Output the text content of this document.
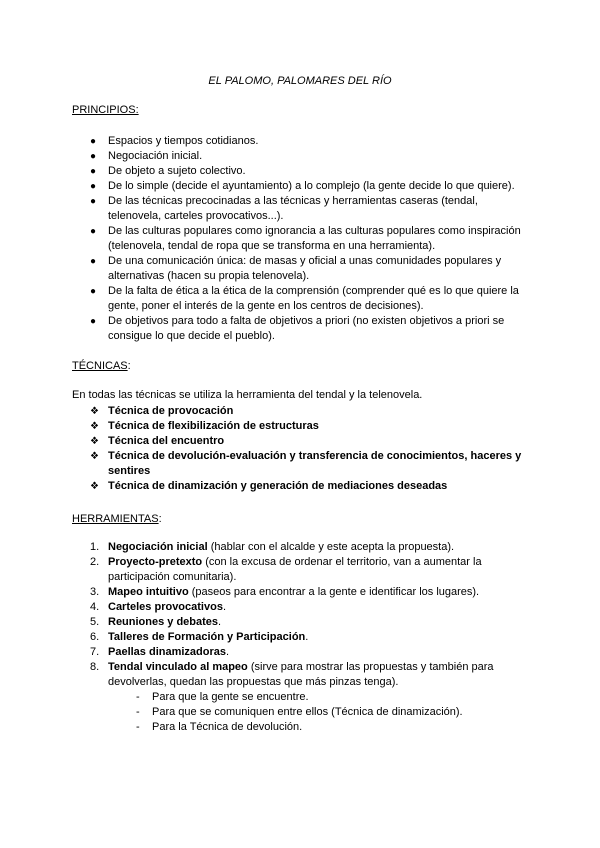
EL PALOMO, PALOMARES DEL RÍO
PRINCIPIOS:
● Espacios y tiempos cotidianos.
● Negociación inicial.
● De objeto a sujeto colectivo.
● De lo simple (decide el ayuntamiento) a lo complejo (la gente decide lo que quiere).
● De las técnicas precocinadas a las técnicas y herramientas caseras (tendal, telenovela, carteles provocativos...).
● De las culturas populares como ignorancia a las culturas populares como inspiración (telenovela, tendal de ropa que se transforma en una herramienta).
● De una comunicación única: de masas y oficial a unas comunidades populares y alternativas (hacen su propia telenovela).
● De la falta de ética a la ética de la comprensión (comprender qué es lo que quiere la gente, poner el interés de la gente en los centros de decisiones).
● De objetivos para todo a falta de objetivos a priori (no existen objetivos a priori se consigue lo que decide el pueblo).
TÉCNICAS:
En todas las técnicas se utiliza la herramienta del tendal y la telenovela.
❖ Técnica de provocación
❖ Técnica de flexibilización de estructuras
❖ Técnica del encuentro
❖ Técnica de devolución-evaluación y transferencia de conocimientos, haceres y sentires
❖ Técnica de dinamización y generación de mediaciones deseadas
HERRAMIENTAS:
1. Negociación inicial (hablar con el alcalde y este acepta la propuesta).
2. Proyecto-pretexto (con la excusa de ordenar el territorio, van a aumentar la participación comunitaria).
3. Mapeo intuitivo (paseos para encontrar a la gente e identificar los lugares).
4. Carteles provocativos.
5. Reuniones y debates.
6. Talleres de Formación y Participación.
7. Paellas dinamizadoras.
8. Tendal vinculado al mapeo (sirve para mostrar las propuestas y también para devolverlas, quedan las propuestas que más pinzas tenga).
- Para que la gente se encuentre.
- Para que se comuniquen entre ellos (Técnica de dinamización).
- Para la Técnica de devolución.
